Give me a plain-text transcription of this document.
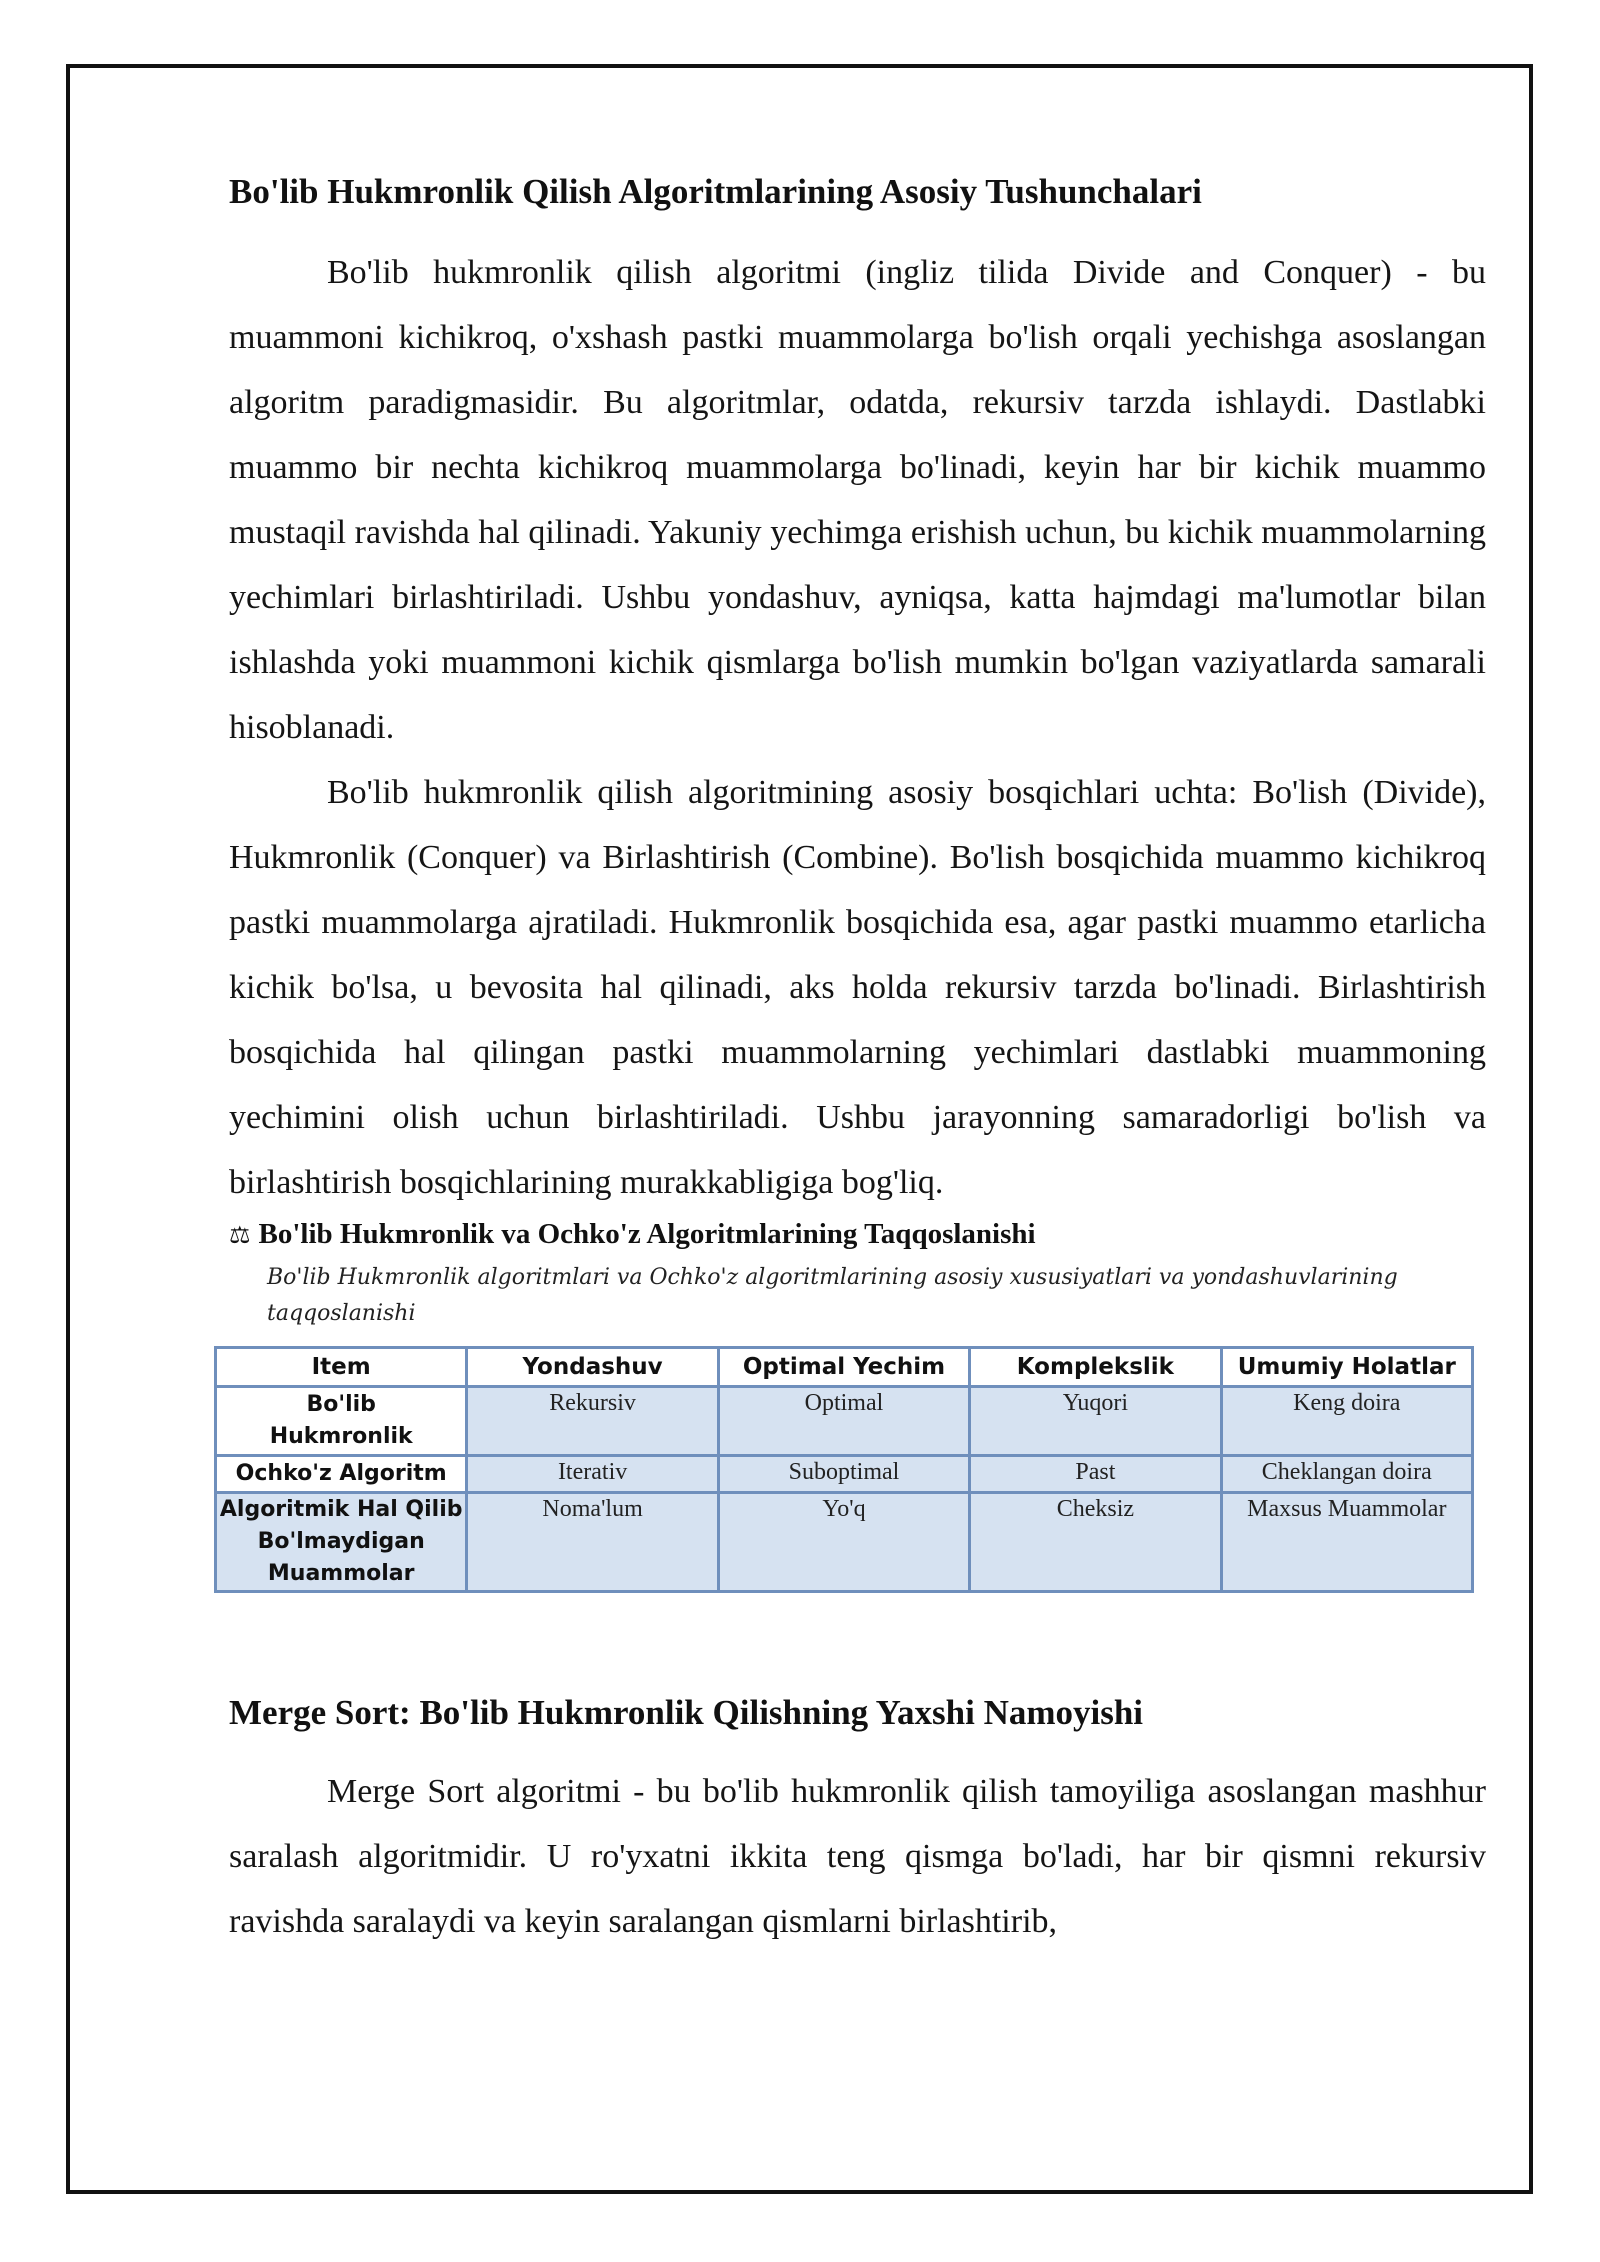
Bo'lib Hukmronlik Qilish Algoritmlarining Asosiy Tushunchalari

Bo'lib hukmronlik qilish algoritmi (ingliz tilida Divide and Conquer) - bu muammoni kichikroq, o'xshash pastki muammolarga bo'lish orqali yechishga asoslangan algoritm paradigmasidir. Bu algoritmlar, odatda, rekursiv tarzda ishlaydi. Dastlabki muammo bir nechta kichikroq muammolarga bo'linadi, keyin har bir kichik muammo mustaqil ravishda hal qilinadi. Yakuniy yechimga erishish uchun, bu kichik muammolarning yechimlari birlashtiriladi. Ushbu yondashuv, ayniqsa, katta hajmdagi ma'lumotlar bilan ishlashda yoki muammoni kichik qismlarga bo'lish mumkin bo'lgan vaziyatlarda samarali hisoblanadi.

Bo'lib hukmronlik qilish algoritmining asosiy bosqichlari uchta: Bo'lish (Divide), Hukmronlik (Conquer) va Birlashtirish (Combine). Bo'lish bosqichida muammo kichikroq pastki muammolarga ajratiladi. Hukmronlik bosqichida esa, agar pastki muammo etarlicha kichik bo'lsa, u bevosita hal qilinadi, aks holda rekursiv tarzda bo'linadi. Birlashtirish bosqichida hal qilingan pastki muammolarning yechimlari dastlabki muammoning yechimini olish uchun birlashtiriladi. Ushbu jarayonning samaradorligi bo'lish va birlashtirish bosqichlarining murakkabligiga bog'liq.

⚖ Bo'lib Hukmronlik va Ochko'z Algoritmlarining Taqqoslanishi
Bo'lib Hukmronlik algoritmlari va Ochko'z algoritmlarining asosiy xususiyatlari va yondashuvlarining taqqoslanishi
Item	Yondashuv	Optimal Yechim	Komplekslik	Umumiy Holatlar
Bo'lib Hukmronlik	Rekursiv	Optimal	Yuqori	Keng doira
Ochko'z Algoritm	Iterativ	Suboptimal	Past	Cheklangan doira
Algoritmik Hal Qilib Bo'lmaydigan Muammolar	Noma'lum	Yo'q	Cheksiz	Maxsus Muammolar
Merge Sort: Bo'lib Hukmronlik Qilishning Yaxshi Namoyishi

Merge Sort algoritmi - bu bo'lib hukmronlik qilish tamoyiliga asoslangan mashhur saralash algoritmidir. U ro'yxatni ikkita teng qismga bo'ladi, har bir qismni rekursiv ravishda saralaydi va keyin saralangan qismlarni birlashtirib,
